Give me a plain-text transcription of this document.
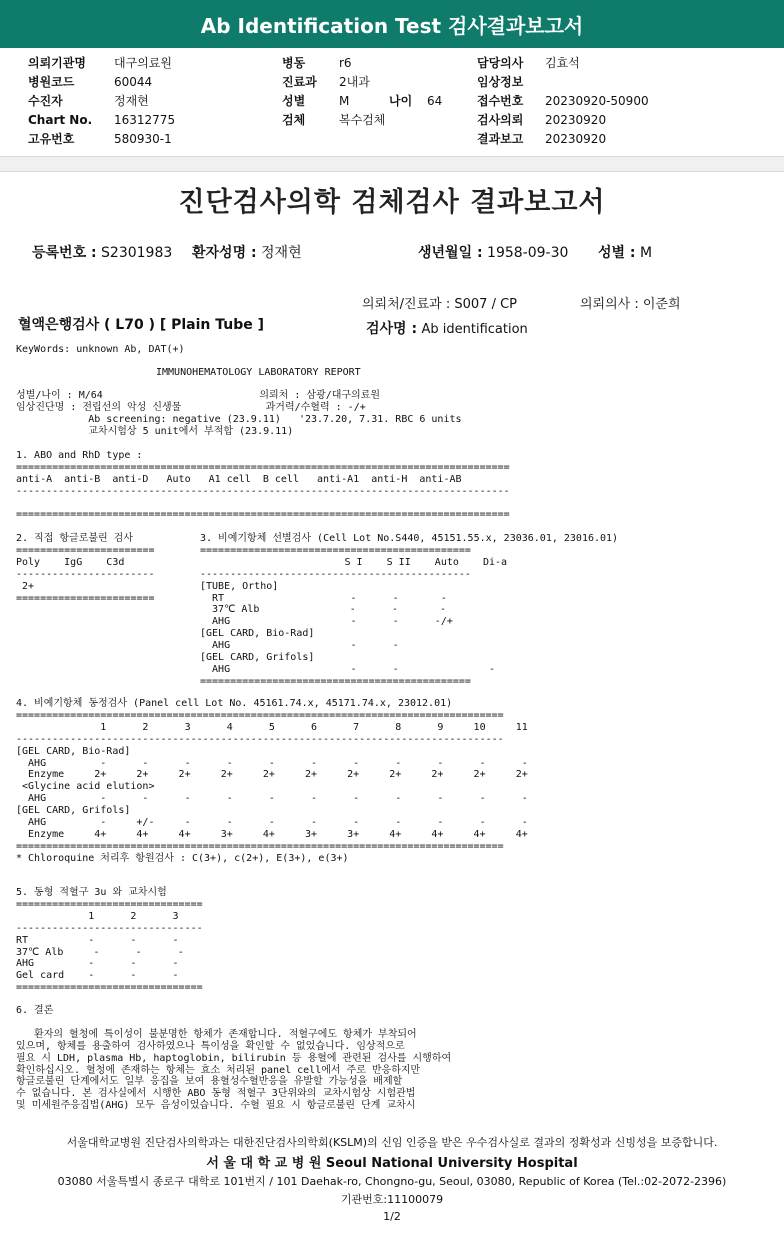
Ab Identification Test 검사결과보고서
의뢰기관명 대구의료원
병원코드	60044
수진자	정재현
Chart No. 16312775
고유번호	580930-1
병동	r6
진료과 2내과
성별	M	나이 64
검체	복수검체
담당의사 김효석
임상정보
접수번호 20230920-50900
검사의뢰 20230920
결과보고 20230920
진단검사의학 검체검사 결과보고서
등록번호 : S2301983 환자성명 : 정재현	생년월일 : 1958-09-30 성별 : M
의뢰처/진료과 : S007 / CP	의뢰의사 : 이준희
혈액은행검사 ( L70 ) [ Plain Tube ]	검사명 : Ab identification
KeyWords: unknown Ab, DAT(+)
IMMUNOHEMATOLOGY LABORATORY REPORT
성별/나이 : M/64                          의뢰처 : 삼광/대구의료원
임상진단명 : 전립선의 악성 신생물              과거력/수혈력 : -/+
Ab screening: negative (23.9.11)   '23.7.20, 7.31. RBC 6 units
교차시험상 5 unit에서 부적합 (23.9.11)
1. ABO and RhD type :
==================================================================================
anti-A  anti-B  anti-D   Auto   A1 cell  B cell   anti-A1  anti-H  anti-AB
----------------------------------------------------------------------------------
==================================================================================
2. 직접 항글로불린 검사
=======================
Poly    IgG    C3d
-----------------------
2+
=======================
3. 비예기항체 선별검사 (Cell Lot No.S440, 45151.55.x, 23036.01, 23016.01)
=============================================
S I    S II    Auto    Di-a
---------------------------------------------
[TUBE, Ortho]
RT                     -      -       -
37℃ Alb               -      -       -
AHG                    -      -      -/+
[GEL CARD, Bio-Rad]
AHG                    -      -
[GEL CARD, Grifols]
AHG                    -      -               -
=============================================
4. 비예기항체 동정검사 (Panel cell Lot No. 45161.74.x, 45171.74.x, 23012.01)
=================================================================================
1      2      3      4      5      6      7      8      9     10     11
---------------------------------------------------------------------------------
[GEL CARD, Bio-Rad]
AHG         -      -      -      -      -      -      -      -      -      -      -
Enzyme     2+     2+     2+     2+     2+     2+     2+     2+     2+     2+     2+
<Glycine acid elution>
AHG         -      -      -      -      -      -      -      -      -      -      -
[GEL CARD, Grifols]
AHG         -     +/-     -      -      -      -      -      -      -      -      -
Enzyme     4+     4+     4+     3+     4+     3+     3+     4+     4+     4+     4+
=================================================================================
* Chloroquine 처리후 항원검사 : C(3+), c(2+), E(3+), e(3+)
5. 동형 적혈구 3u 와 교차시험
===============================
1      2      3
-------------------------------
RT          -      -      -
37℃ Alb     -      -      -
AHG         -      -      -
Gel card    -      -      -
===============================
6. 결론

환자의 혈청에 특이성이 불분명한 항체가 존재합니다. 적혈구에도 항체가 부착되어
있으며, 항체를 용출하여 검사하였으나 특이성을 확인할 수 없었습니다. 임상적으로
필요 시 LDH, plasma Hb, haptoglobin, bilirubin 등 용혈에 관련된 검사를 시행하여
확인하십시오. 혈청에 존재하는 항체는 효소 처리된 panel cell에서 주로 반응하지만
항글로불린 단계에서도 일부 응집을 보여 용혈성수혈반응을 유발할 가능성을 배제할
수 없습니다. 본 검사실에서 시행한 ABO 동형 적혈구 3단위와의 교차시험상 시험관법
및 미세원주응집법(AHG) 모두 음성이었습니다. 수혈 필요 시 항글로불린 단계 교차시
서울대학교병원 진단검사의학과는 대한진단검사의학회(KSLM)의 신임 인증을 받은 우수검사실로 결과의 정확성과 신빙성을 보증합니다.
서 울 대 학 교 병 원 Seoul National University Hospital
03080 서울특별시 종로구 대학로 101번지 / 101 Daehak-ro, Chongno-gu, Seoul, 03080, Republic of Korea (Tel.:02-2072-2396)
기관번호:11100079
1/2
